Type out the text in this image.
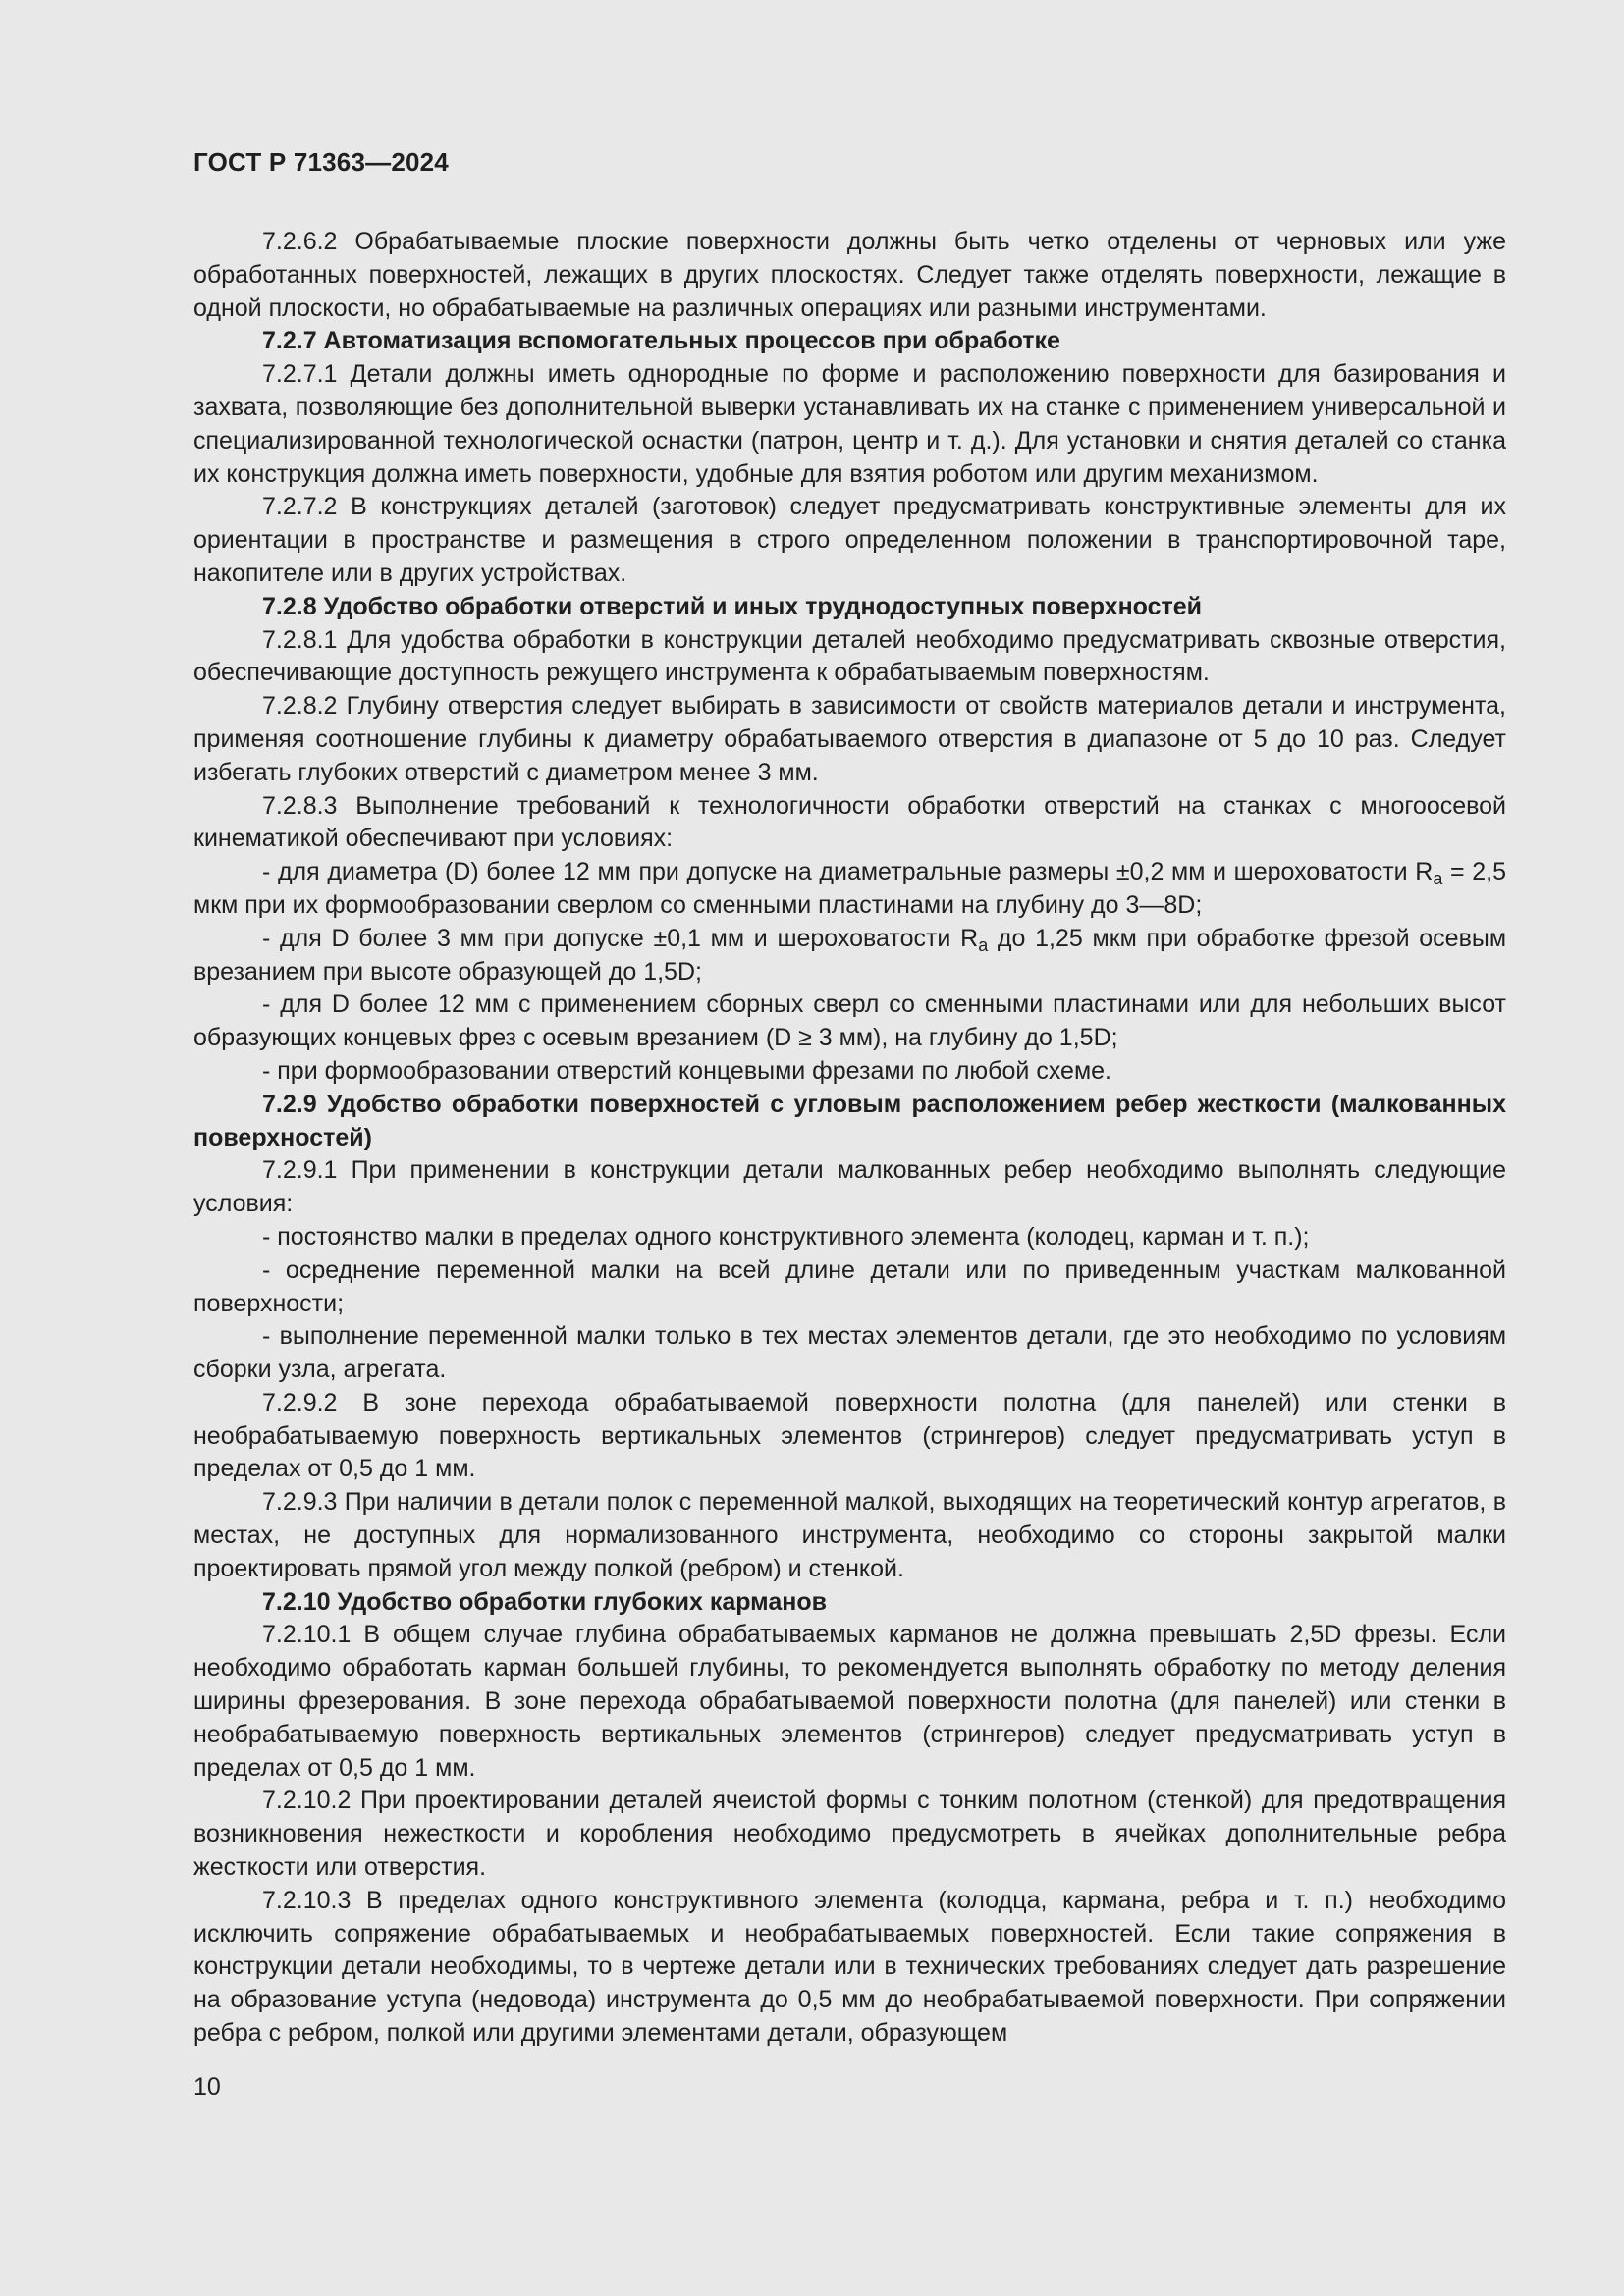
ГОСТ Р 71363—2024

7.2.6.2 Обрабатываемые плоские поверхности должны быть четко отделены от черновых или уже обработанных поверхностей, лежащих в других плоскостях. Следует также отделять поверхности, лежащие в одной плоскости, но обрабатываемые на различных операциях или разными инструментами.

7.2.7 Автоматизация вспомогательных процессов при обработке

7.2.7.1 Детали должны иметь однородные по форме и расположению поверхности для базирования и захвата, позволяющие без дополнительной выверки устанавливать их на станке с применением универсальной и специализированной технологической оснастки (патрон, центр и т. д.). Для установки и снятия деталей со станка их конструкция должна иметь поверхности, удобные для взятия роботом или другим механизмом.

7.2.7.2 В конструкциях деталей (заготовок) следует предусматривать конструктивные элементы для их ориентации в пространстве и размещения в строго определенном положении в транспортировочной таре, накопителе или в других устройствах.

7.2.8 Удобство обработки отверстий и иных труднодоступных поверхностей

7.2.8.1 Для удобства обработки в конструкции деталей необходимо предусматривать сквозные отверстия, обеспечивающие доступность режущего инструмента к обрабатываемым поверхностям.

7.2.8.2 Глубину отверстия следует выбирать в зависимости от свойств материалов детали и инструмента, применяя соотношение глубины к диаметру обрабатываемого отверстия в диапазоне от 5 до 10 раз. Следует избегать глубоких отверстий с диаметром менее 3 мм.

7.2.8.3 Выполнение требований к технологичности обработки отверстий на станках с многоосевой кинематикой обеспечивают при условиях:

- для диаметра (D) более 12 мм при допуске на диаметральные размеры ±0,2 мм и шероховатости $R_a = 2,5$ мкм при их формообразовании сверлом со сменными пластинами на глубину до 3—8D;

- для D более 3 мм при допуске ±0,1 мм и шероховатости $R_a$ до 1,25 мкм при обработке фрезой осевым врезанием при высоте образующей до 1,5D;

- для D более 12 мм с применением сборных сверл со сменными пластинами или для небольших высот образующих концевых фрез с осевым врезанием (D ≥ 3 мм), на глубину до 1,5D;

- при формообразовании отверстий концевыми фрезами по любой схеме.

7.2.9 Удобство обработки поверхностей с угловым расположением ребер жесткости (малкованных поверхностей)

7.2.9.1 При применении в конструкции детали малкованных ребер необходимо выполнять следующие условия:

- постоянство малки в пределах одного конструктивного элемента (колодец, карман и т. п.);

- осреднение переменной малки на всей длине детали или по приведенным участкам малкованной поверхности;

- выполнение переменной малки только в тех местах элементов детали, где это необходимо по условиям сборки узла, агрегата.

7.2.9.2 В зоне перехода обрабатываемой поверхности полотна (для панелей) или стенки в необрабатываемую поверхность вертикальных элементов (стрингеров) следует предусматривать уступ в пределах от 0,5 до 1 мм.

7.2.9.3 При наличии в детали полок с переменной малкой, выходящих на теоретический контур агрегатов, в местах, не доступных для нормализованного инструмента, необходимо со стороны закрытой малки проектировать прямой угол между полкой (ребром) и стенкой.

7.2.10 Удобство обработки глубоких карманов

7.2.10.1 В общем случае глубина обрабатываемых карманов не должна превышать 2,5D фрезы. Если необходимо обработать карман большей глубины, то рекомендуется выполнять обработку по методу деления ширины фрезерования. В зоне перехода обрабатываемой поверхности полотна (для панелей) или стенки в необрабатываемую поверхность вертикальных элементов (стрингеров) следует предусматривать уступ в пределах от 0,5 до 1 мм.

7.2.10.2 При проектировании деталей ячеистой формы с тонким полотном (стенкой) для предотвращения возникновения нежесткости и коробления необходимо предусмотреть в ячейках дополнительные ребра жесткости или отверстия.

7.2.10.3 В пределах одного конструктивного элемента (колодца, кармана, ребра и т. п.) необходимо исключить сопряжение обрабатываемых и необрабатываемых поверхностей. Если такие сопряжения в конструкции детали необходимы, то в чертеже детали или в технических требованиях следует дать разрешение на образование уступа (недовода) инструмента до 0,5 мм до необрабатываемой поверхности. При сопряжении ребра с ребром, полкой или другими элементами детали, образующем

10
